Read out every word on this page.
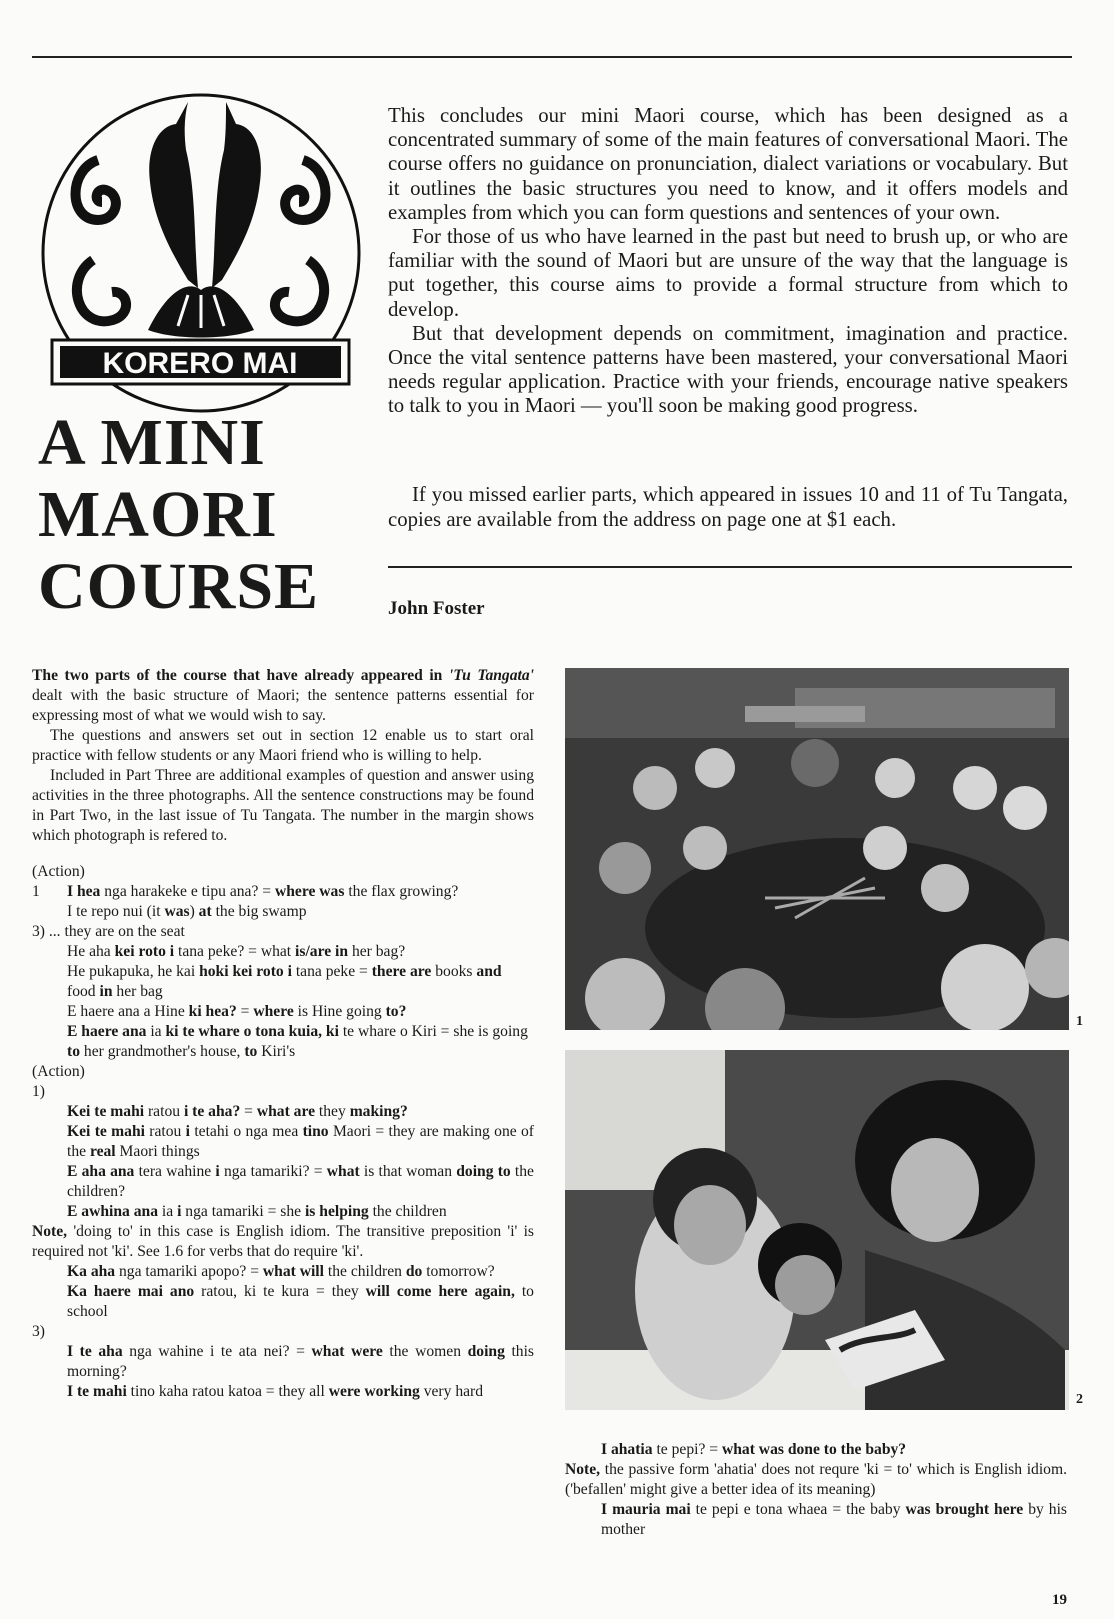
KORERO MAI
A MINI
MAORI
COURSE

This concludes our mini Maori course, which has been designed as a concentrated summary of some of the main features of conversational Maori. The course offers no guidance on pronunciation, dialect variations or vocabulary. But it outlines the basic structures you need to know, and it offers models and examples from which you can form questions and sentences of your own.

For those of us who have learned in the past but need to brush up, or who are familiar with the sound of Maori but are unsure of the way that the language is put together, this course aims to provide a formal structure from which to develop.

But that development depends on commitment, imagination and practice. Once the vital sentence patterns have been mastered, your conversational Maori needs regular application. Practice with your friends, encourage native speakers to talk to you in Maori — you'll soon be making good progress.

If you missed earlier parts, which appeared in issues 10 and 11 of Tu Tangata, copies are available from the address on page one at $1 each.

John Foster

The two parts of the course that have already appeared in 'Tu Tangata' dealt with the basic structure of Maori; the sentence patterns essential for expressing most of what we would wish to say.

The questions and answers set out in section 12 enable us to start oral practice with fellow students or any Maori friend who is willing to help.

Included in Part Three are additional examples of question and answer using activities in the three photographs. All the sentence constructions may be found in Part Two, in the last issue of Tu Tangata. The number in the margin shows which photograph is refered to.

(Action)

1	I hea nga harakeke e tipu ana? = where was the flax growing?

I te repo nui (it was) at the big swamp

3) ... they are on the seat

He aha kei roto i tana peke? = what is/are in her bag?

He pukapuka, he kai hoki kei roto i tana peke = there are books and food in her bag

E haere ana a Hine ki hea? = where is Hine going to?

E haere ana ia ki te whare o tona kuia, ki te whare o Kiri = she is going to her grandmother's house, to Kiri's

(Action)

1)

Kei te mahi ratou i te aha? = what are they making?

Kei te mahi ratou i tetahi o nga mea tino Maori = they are making one of the real Maori things

E aha ana tera wahine i nga tamariki? = what is that woman doing to the children?

E awhina ana ia i nga tamariki = she is helping the children

Note, 'doing to' in this case is English idiom. The transitive preposition 'i' is required not 'ki'. See 1.6 for verbs that do require 'ki'.

Ka aha nga tamariki apopo? = what will the children do tomorrow?

Ka haere mai ano ratou, ki te kura = they will come here again, to school

3)

I te aha nga wahine i te ata nei? = what were the women doing this morning?

I te mahi tino kaha ratou katoa = they all were working very hard

1
2

I ahatia te pepi? = what was done to the baby?

Note, the passive form 'ahatia' does not requre 'ki = to' which is English idiom. ('befallen' might give a better idea of its meaning)

I mauria mai te pepi e tona whaea = the baby was brought here by his mother

19
